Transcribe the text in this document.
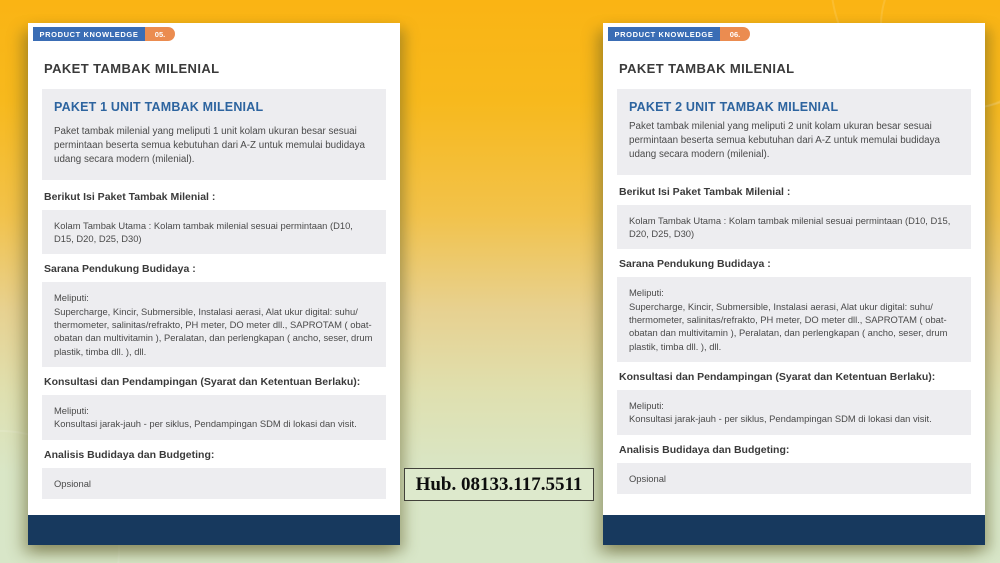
PRODUCT KNOWLEDGE	05.
PAKET TAMBAK MILENIAL
PAKET 1 UNIT TAMBAK MILENIAL
Paket tambak milenial yang meliputi 1 unit kolam ukuran besar sesuai permintaan beserta semua kebutuhan dari A-Z untuk memulai budidaya udang secara modern (milenial).
Berikut Isi Paket Tambak Milenial :
Kolam Tambak Utama : Kolam tambak milenial sesuai permintaan (D10, D15, D20, D25, D30)
Sarana Pendukung Budidaya :
Meliputi:
Supercharge, Kincir, Submersible, Instalasi aerasi, Alat ukur digital: suhu/ thermometer, salinitas/refrakto, PH meter, DO meter dll., SAPROTAM ( obat-obatan dan multivitamin ), Peralatan, dan perlengkapan ( ancho, seser, drum plastik, timba dll. ), dll.
Konsultasi dan Pendampingan (Syarat dan Ketentuan Berlaku):
Meliputi:
Konsultasi jarak-jauh - per siklus, Pendampingan SDM di lokasi dan visit.
Analisis Budidaya dan Budgeting:
Opsional
PRODUCT KNOWLEDGE	06.
PAKET TAMBAK MILENIAL
PAKET 2 UNIT TAMBAK MILENIAL
Paket tambak milenial yang meliputi 2 unit kolam ukuran besar sesuai permintaan beserta semua kebutuhan dari A-Z untuk memulai budidaya udang secara modern (milenial).
Berikut Isi Paket Tambak Milenial :
Kolam Tambak Utama : Kolam tambak milenial sesuai permintaan (D10, D15, D20, D25, D30)
Sarana Pendukung Budidaya :
Meliputi:
Supercharge, Kincir, Submersible, Instalasi aerasi, Alat ukur digital: suhu/ thermometer, salinitas/refrakto, PH meter, DO meter dll., SAPROTAM ( obat-obatan dan multivitamin ), Peralatan, dan perlengkapan ( ancho, seser, drum plastik, timba dll. ), dll.
Konsultasi dan Pendampingan (Syarat dan Ketentuan Berlaku):
Meliputi:
Konsultasi jarak-jauh - per siklus, Pendampingan SDM di lokasi dan visit.
Analisis Budidaya dan Budgeting:
Opsional
Hub. 08133.117.5511
